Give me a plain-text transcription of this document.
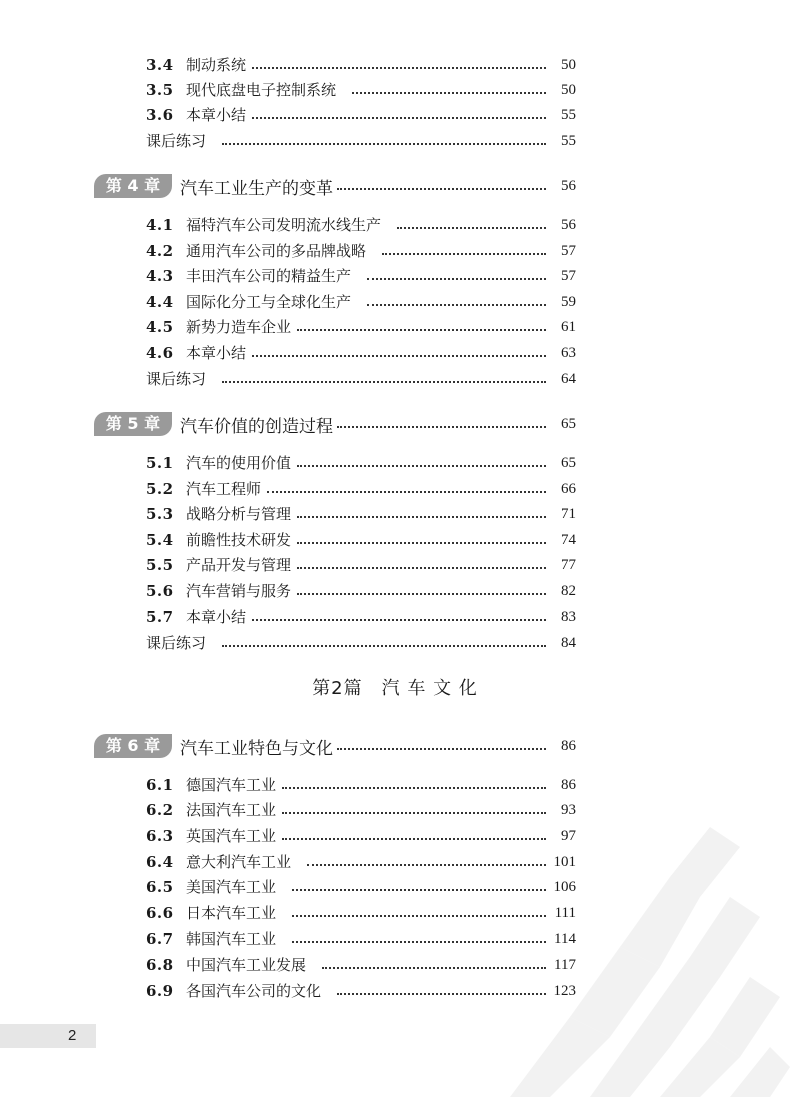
3.4 制动系统	50
3.5 现代底盘电子控制系统	50
3.6 本章小结	55
课后练习	55
第 4 章	汽车工业生产的变革	56
4.1 福特汽车公司发明流水线生产	56
4.2 通用汽车公司的多品牌战略	57
4.3 丰田汽车公司的精益生产	57
4.4 国际化分工与全球化生产	59
4.5 新势力造车企业	61
4.6 本章小结	63
课后练习	64
第 5 章	汽车价值的创造过程	65
5.1 汽车的使用价值	65
5.2 汽车工程师	66
5.3 战略分析与管理	71
5.4 前瞻性技术研发	74
5.5 产品开发与管理	77
5.6 汽车营销与服务	82
5.7 本章小结	83
课后练习	84
第2篇　汽 车 文 化
第 6 章	汽车工业特色与文化	86
6.1 德国汽车工业	86
6.2 法国汽车工业	93
6.3 英国汽车工业	97
6.4 意大利汽车工业	101
6.5 美国汽车工业	106
6.6 日本汽车工业	111
6.7 韩国汽车工业	114
6.8 中国汽车工业发展	117
6.9 各国汽车公司的文化	123
2
